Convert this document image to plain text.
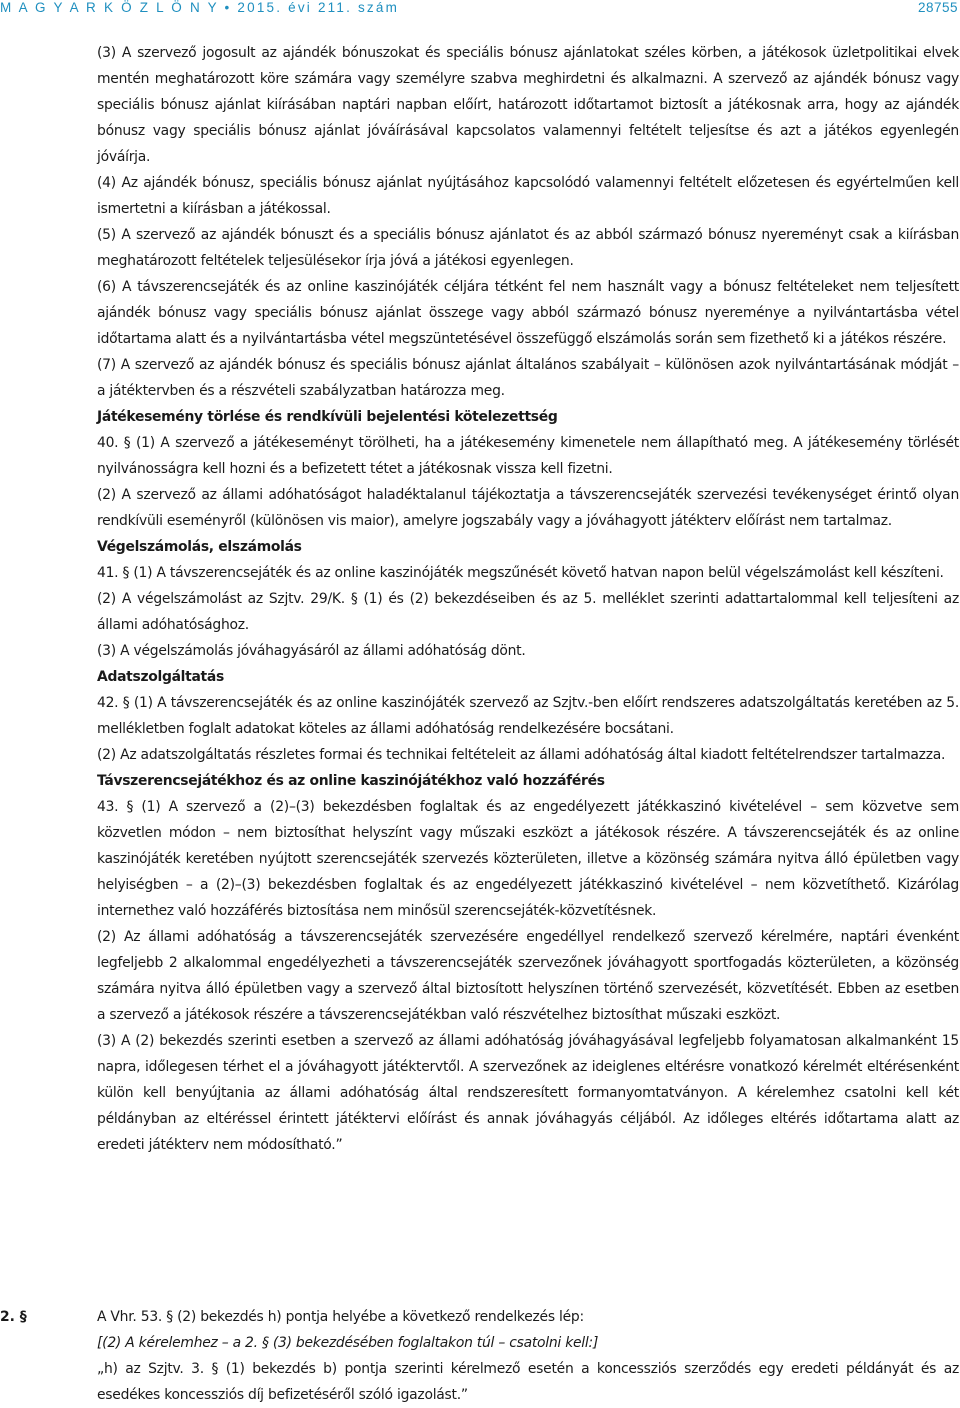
M A G Y A R K Ö Z L Ö N Y • 2015. évi 211. szám	28755

(3) A szervező jogosult az ajándék bónuszokat és speciális bónusz ajánlatokat széles körben, a játékosok üzletpolitikai elvek mentén meghatározott köre számára vagy személyre szabva meghirdetni és alkalmazni. A szervező az ajándék bónusz vagy speciális bónusz ajánlat kiírásában naptári napban előírt, határozott időtartamot biztosít a játékosnak arra, hogy az ajándék bónusz vagy speciális bónusz ajánlat jóváírásával kapcsolatos valamennyi feltételt teljesítse és azt a játékos egyenlegén jóváírja.

(4) Az ajándék bónusz, speciális bónusz ajánlat nyújtásához kapcsolódó valamennyi feltételt előzetesen és egyértelműen kell ismertetni a kiírásban a játékossal.

(5) A szervező az ajándék bónuszt és a speciális bónusz ajánlatot és az abból származó bónusz nyereményt csak a kiírásban meghatározott feltételek teljesülésekor írja jóvá a játékosi egyenlegen.

(6) A távszerencsejáték és az online kaszinójáték céljára tétként fel nem használt vagy a bónusz feltételeket nem teljesített ajándék bónusz vagy speciális bónusz ajánlat összege vagy abból származó bónusz nyereménye a nyilvántartásba vétel időtartama alatt és a nyilvántartásba vétel megszüntetésével összefüggő elszámolás során sem fizethető ki a játékos részére.

(7) A szervező az ajándék bónusz és speciális bónusz ajánlat általános szabályait – különösen azok nyilvántartásának módját – a játéktervben és a részvételi szabályzatban határozza meg.

Játékesemény törlése és rendkívüli bejelentési kötelezettség

40. § (1) A szervező a játékeseményt törölheti, ha a játékesemény kimenetele nem állapítható meg. A játékesemény törlését nyilvánosságra kell hozni és a befizetett tétet a játékosnak vissza kell fizetni.

(2) A szervező az állami adóhatóságot haladéktalanul tájékoztatja a távszerencsejáték szervezési tevékenységet érintő olyan rendkívüli eseményről (különösen vis maior), amelyre jogszabály vagy a jóváhagyott játékterv előírást nem tartalmaz.

Végelszámolás, elszámolás

41. § (1) A távszerencsejáték és az online kaszinójáték megszűnését követő hatvan napon belül végelszámolást kell készíteni.

(2) A végelszámolást az Szjtv. 29/K. § (1) és (2) bekezdéseiben és az 5. melléklet szerinti adattartalommal kell teljesíteni az állami adóhatósághoz.

(3) A végelszámolás jóváhagyásáról az állami adóhatóság dönt.

Adatszolgáltatás

42. § (1) A távszerencsejáték és az online kaszinójáték szervező az Szjtv.-ben előírt rendszeres adatszolgáltatás keretében az 5. mellékletben foglalt adatokat köteles az állami adóhatóság rendelkezésére bocsátani.

(2) Az adatszolgáltatás részletes formai és technikai feltételeit az állami adóhatóság által kiadott feltételrendszer tartalmazza.

Távszerencsejátékhoz és az online kaszinójátékhoz való hozzáférés

43. § (1) A szervező a (2)–(3) bekezdésben foglaltak és az engedélyezett játékkaszinó kivételével – sem közvetve sem közvetlen módon – nem biztosíthat helyszínt vagy műszaki eszközt a játékosok részére. A távszerencsejáték és az online kaszinójáték keretében nyújtott szerencsejáték szervezés közterületen, illetve a közönség számára nyitva álló épületben vagy helyiségben – a (2)–(3) bekezdésben foglaltak és az engedélyezett játékkaszinó kivételével – nem közvetíthető. Kizárólag internethez való hozzáférés biztosítása nem minősül szerencsejáték-közvetítésnek.

(2) Az állami adóhatóság a távszerencsejáték szervezésére engedéllyel rendelkező szervező kérelmére, naptári évenként legfeljebb 2 alkalommal engedélyezheti a távszerencsejáték szervezőnek jóváhagyott sportfogadás közterületen, a közönség számára nyitva álló épületben vagy a szervező által biztosított helyszínen történő szervezését, közvetítését. Ebben az esetben a szervező a játékosok részére a távszerencsejátékban való részvételhez biztosíthat műszaki eszközt.

(3) A (2) bekezdés szerinti esetben a szervező az állami adóhatóság jóváhagyásával legfeljebb folyamatosan alkalmanként 15 napra, időlegesen térhet el a jóváhagyott játéktervtől. A szervezőnek az ideiglenes eltérésre vonatkozó kérelmét eltérésenként külön kell benyújtania az állami adóhatóság által rendszeresített formanyomtatványon. A kérelemhez csatolni kell két példányban az eltéréssel érintett játéktervi előírást és annak jóváhagyás céljából. Az időleges eltérés időtartama alatt az eredeti játékterv nem módosítható.”

2. §	A Vhr. 53. § (2) bekezdés h) pontja helyébe a következő rendelkezés lép:

[(2) A kérelemhez – a 2. § (3) bekezdésében foglaltakon túl – csatolni kell:]

„h) az Szjtv. 3. § (1) bekezdés b) pontja szerinti kérelmező esetén a koncessziós szerződés egy eredeti példányát és az esedékes koncessziós díj befizetéséről szóló igazolást.”
